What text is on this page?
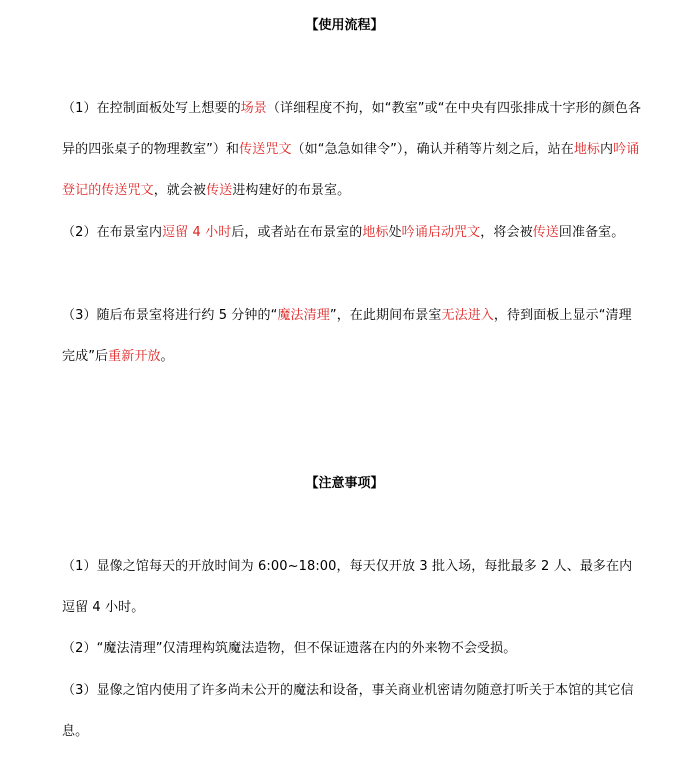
【使用流程】
（1）在控制面板处写上想要的场景（详细程度不拘，如“教室”或“在中央有四张排成十字形的颜色各异的四张桌子的物理教室”）和传送咒文（如“急急如律令”），确认并稍等片刻之后，站在地标内吟诵登记的传送咒文，就会被传送进构建好的布景室。
（2）在布景室内逗留 4 小时后，或者站在布景室的地标处吟诵启动咒文，将会被传送回准备室。
（3）随后布景室将进行约 5 分钟的“魔法清理”，在此期间布景室无法进入，待到面板上显示“清理完成”后重新开放。
【注意事项】
（1）显像之馆每天的开放时间为 6:00~18:00，每天仅开放 3 批入场，每批最多 2 人、最多在内逗留 4 小时。
（2）“魔法清理”仅清理构筑魔法造物，但不保证遗落在内的外来物不会受损。
（3）显像之馆内使用了许多尚未公开的魔法和设备，事关商业机密请勿随意打听关于本馆的其它信息。
